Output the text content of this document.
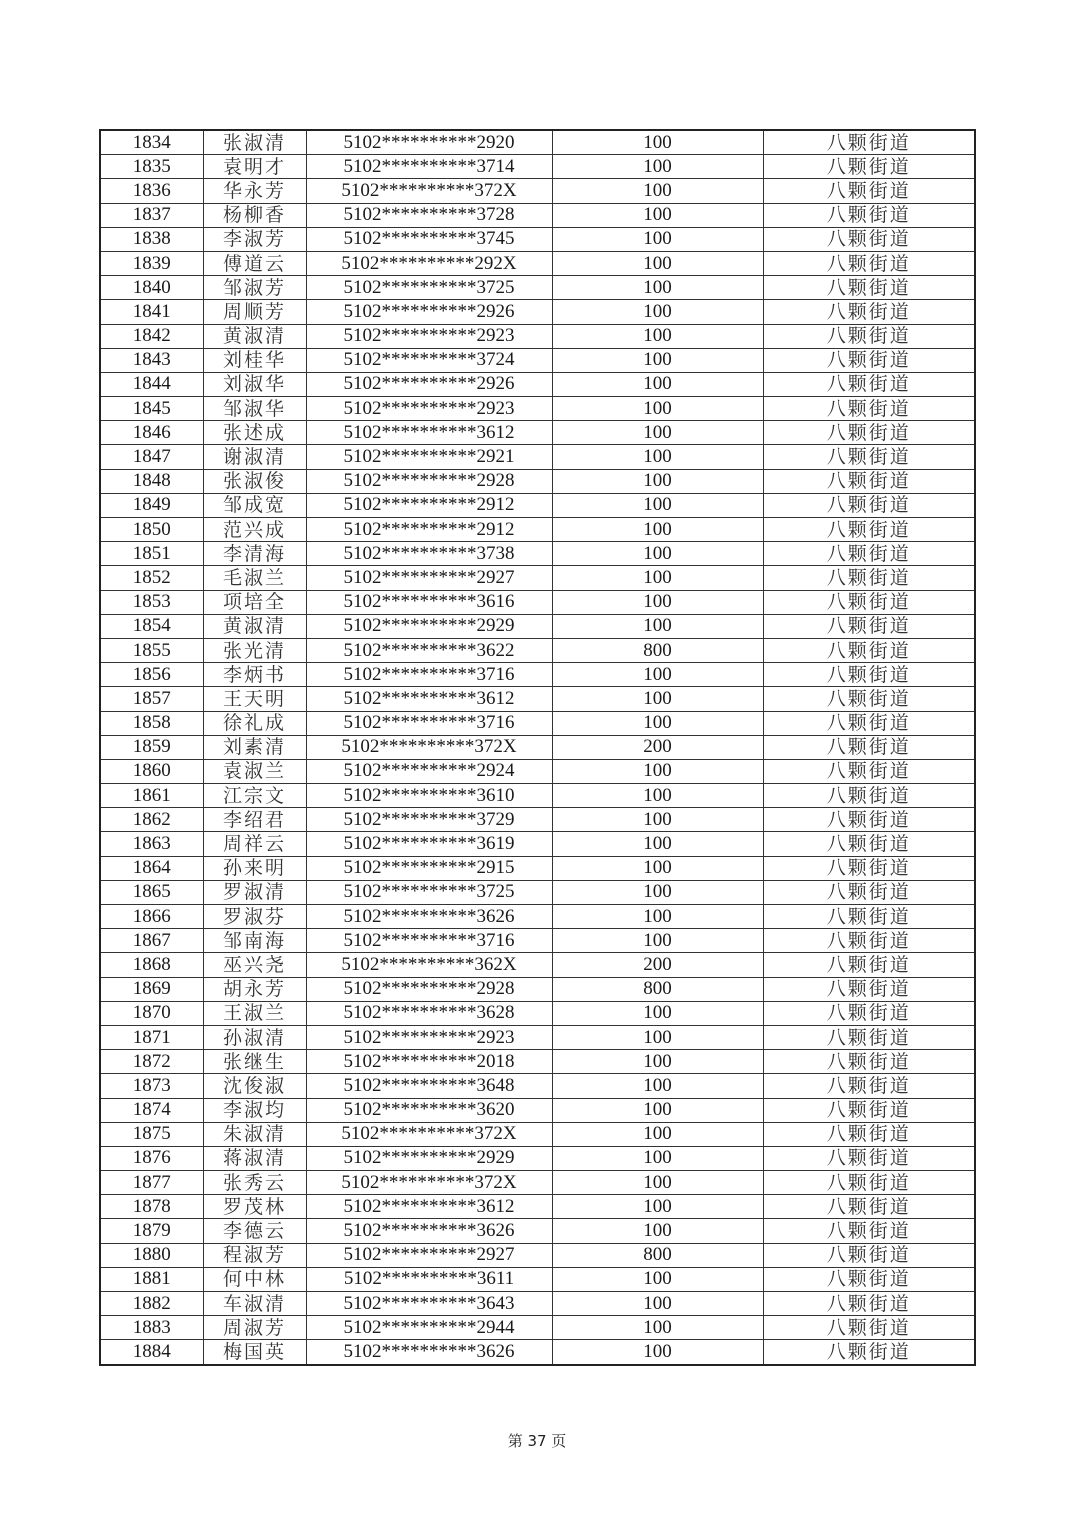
1834	张淑清	5102**********2920	100	八颗街道
1835	袁明才	5102**********3714	100	八颗街道
1836	华永芳	5102**********372X	100	八颗街道
1837	杨柳香	5102**********3728	100	八颗街道
1838	李淑芳	5102**********3745	100	八颗街道
1839	傅道云	5102**********292X	100	八颗街道
1840	邹淑芳	5102**********3725	100	八颗街道
1841	周顺芳	5102**********2926	100	八颗街道
1842	黄淑清	5102**********2923	100	八颗街道
1843	刘桂华	5102**********3724	100	八颗街道
1844	刘淑华	5102**********2926	100	八颗街道
1845	邹淑华	5102**********2923	100	八颗街道
1846	张述成	5102**********3612	100	八颗街道
1847	谢淑清	5102**********2921	100	八颗街道
1848	张淑俊	5102**********2928	100	八颗街道
1849	邹成宽	5102**********2912	100	八颗街道
1850	范兴成	5102**********2912	100	八颗街道
1851	李清海	5102**********3738	100	八颗街道
1852	毛淑兰	5102**********2927	100	八颗街道
1853	项培全	5102**********3616	100	八颗街道
1854	黄淑清	5102**********2929	100	八颗街道
1855	张光清	5102**********3622	800	八颗街道
1856	李炳书	5102**********3716	100	八颗街道
1857	王天明	5102**********3612	100	八颗街道
1858	徐礼成	5102**********3716	100	八颗街道
1859	刘素清	5102**********372X	200	八颗街道
1860	袁淑兰	5102**********2924	100	八颗街道
1861	江宗文	5102**********3610	100	八颗街道
1862	李绍君	5102**********3729	100	八颗街道
1863	周祥云	5102**********3619	100	八颗街道
1864	孙来明	5102**********2915	100	八颗街道
1865	罗淑清	5102**********3725	100	八颗街道
1866	罗淑芬	5102**********3626	100	八颗街道
1867	邹南海	5102**********3716	100	八颗街道
1868	巫兴尧	5102**********362X	200	八颗街道
1869	胡永芳	5102**********2928	800	八颗街道
1870	王淑兰	5102**********3628	100	八颗街道
1871	孙淑清	5102**********2923	100	八颗街道
1872	张继生	5102**********2018	100	八颗街道
1873	沈俊淑	5102**********3648	100	八颗街道
1874	李淑均	5102**********3620	100	八颗街道
1875	朱淑清	5102**********372X	100	八颗街道
1876	蒋淑清	5102**********2929	100	八颗街道
1877	张秀云	5102**********372X	100	八颗街道
1878	罗茂林	5102**********3612	100	八颗街道
1879	李德云	5102**********3626	100	八颗街道
1880	程淑芳	5102**********2927	800	八颗街道
1881	何中林	5102**********3611	100	八颗街道
1882	车淑清	5102**********3643	100	八颗街道
1883	周淑芳	5102**********2944	100	八颗街道
1884	梅国英	5102**********3626	100	八颗街道
第 37 页
